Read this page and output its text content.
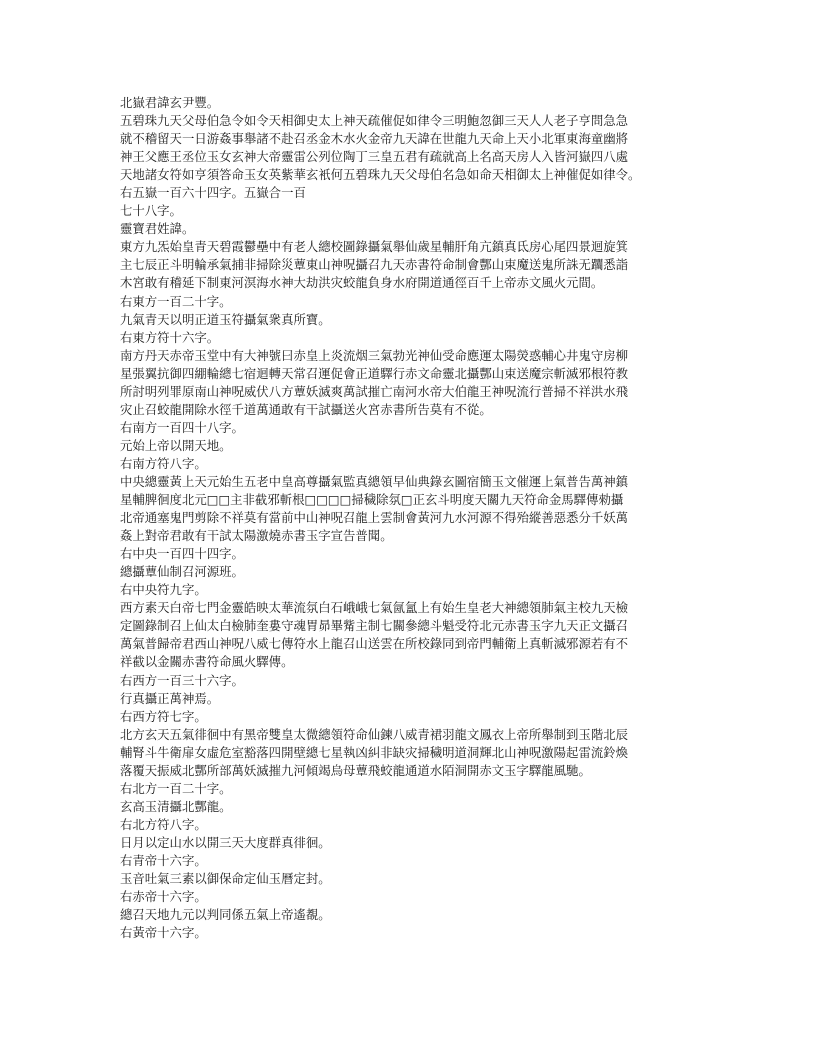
北嶽君諱玄尹豐。
五碧珠九天父母伯急令如令天相御史太上神天疏催促如律令三明鮑忽御三天人人老子亨問急急
就不稽留天一日游姦事舉諸不赴召丞金木水火金帝九天諱在世龍九天命上天小北軍東海童幽將
神王父應王丞位玉女玄神大帝靈雷公列位陶丁三皇五君有疏就高上名高天房人入皆河嶽四八處
天地諸女符如亨須答命玉女英紫華玄衹何五碧珠九天父母伯名急如命天相御太上神催促如律令。
右五嶽一百六十四字。五嶽合一百
七十八字。
靈寶君姓諱。
東方九炁始皇青天碧霞鬱壘中有老人總校圖錄攝氣舉仙歲星輔肝角亢鎮真氐房心尾四景迴旋箕
主七辰正斗明輪承氣捕非掃除災蕈東山神呪攝召九天赤書符命制會酆山束魔送鬼所誅无躢悉詣
木宮敢有稽延下制東河溟海水神大劫洪灾蛟龍負身水府開道通徑百千上帝赤文風火元間。
右東方一百二十字。
九氣青天以明正道玉符攝氣衆真所寶。
右東方符十六字。
南方丹天赤帝玉堂中有大神號曰赤皇上炎流烟三氣勃光神仙受命應運太陽熒惑輔心井鬼守房柳
星張翼抗御四綳輪總七宿迴轉天常召運促會正道驛行赤文命靈北攝酆山束送魔宗斬滅邪根符教
所討明列罪原南山神呪威伏八方蕈妖滅爽萬試摧亡南河水帝大伯龍王神呪流行普掃不祥洪水飛
灾止召蛟龍開除水徑千道萬通敢有干試攝送火宮赤書所告莫有不從。
右南方一百四十八字。
元始上帝以開天地。
右南方符八字。
中央總靈黃上天元始生五老中皇高尊攝氣監真總領早仙典錄玄圖宿簡玉文催運上氣普告萬神鎮
星輔脾徊度北元□□主非截邪斬根□□□□掃穢除氛□正玄斗明度天關九天符命金馬驛傳勑攝
北帝通塞鬼門剪除不祥莫有當前中山神呪召龍上雲制會黃河九水河源不得殆縱善惡悉分千妖萬
姦上對帝君敢有干試太陽激燒赤書玉字宣告普聞。
右中央一百四十四字。
總攝蕈仙制召河源班。
右中央符九字。
西方素天白帝七門金靈皓映太華流氛白石峨峨七氣氤氳上有始生皇老大神總領肺氣主校九天檢
定圖錄制召上仙太白檢肺奎婁守魂胃昴畢觜主制七關參總斗魁受符北元赤書玉字九天正文攝召
萬氣普歸帝君西山神呪八威七傳符水上龍召山送雲在所校錄同到帝門輔衛上真斬滅邪源若有不
祥截以金關赤書符命風火驛傳。
右西方一百三十六字。
行真攝正萬神焉。
右西方符七字。
北方玄天五氣徘徊中有黑帝雙皇太微總領符命仙鍊八威青裙羽龍文鳳衣上帝所舉制到玉階北辰
輔腎斗牛衛扉女虛危室豁落四開壁總七星執凶糾非缺灾掃穢明道洞輝北山神呪激陽起雷流鈴煥
落覆天振威北酆所部萬妖滅摧九河傾竭烏母蕈飛蛟龍通道水陌洞開赤文玉字驛龍風馳。
右北方一百二十字。
玄高玉清攝北酆龍。
右北方符八字。
日月以定山水以開三天大度群真徘徊。
右青帝十六字。
玉音吐氣三素以御保命定仙玉曆定封。
右赤帝十六字。
總召天地九元以判同係五氣上帝遙覩。
右黃帝十六字。
